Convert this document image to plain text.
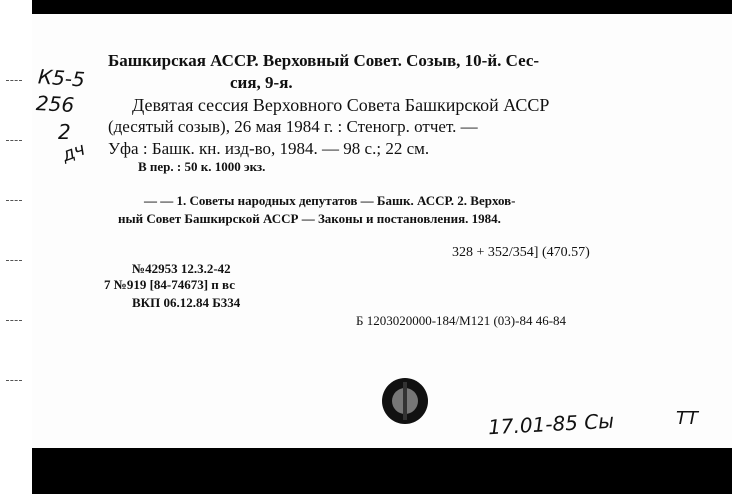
Башкирская АССР. Верховный Совет. Созыв, 10-й. Сес-
сия, 9-я.
Девятая сессия Верховного Совета Башкирской АССР
(десятый созыв), 26 мая 1984 г. : Стеногр. отчет. —
Уфа : Башк. кн. изд-во, 1984. — 98 с.; 22 см.
В пер. : 50 к. 1000 экз.
— — 1. Советы народных депутатов — Башк. АССР. 2. Верхов-
ный Совет Башкирской АССР — Законы и постановления. 1984.
328 + 352/354] (470.57)
№42953 12.3.2-42
7 №919 [84-74673] п вс
ВКП 06.12.84 Б334
Б 1203020000-184/М121 (03)-84 46-84
К5-5
256
2
дч
17.01-85 Сы	ТТ
